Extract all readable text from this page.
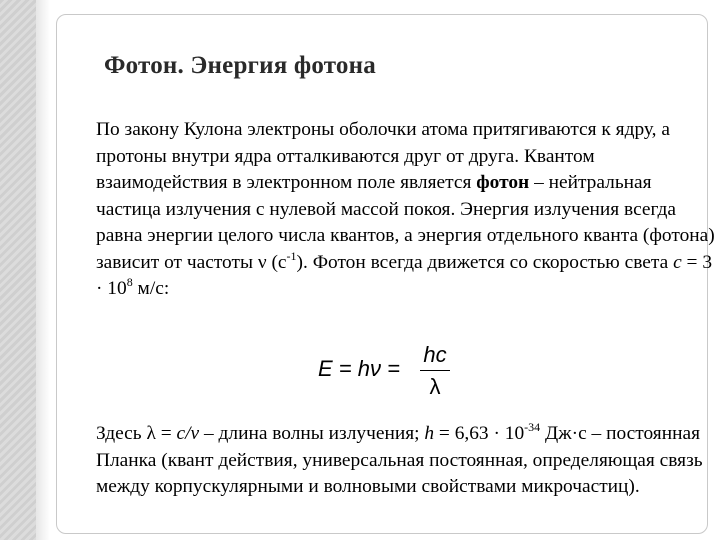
Фотон. Энергия фотона

По закону Кулона электроны оболочки атома притягиваются к ядру, а протоны внутри ядра отталкиваются друг от друга. Квантом взаимодействия в электронном поле является фотон – нейтральная частица излучения с нулевой массой покоя. Энергия излучения всегда равна энергии целого числа квантов, а энергия отдельного кванта (фотона) зависит от частоты ν $(с^{-1})$. Фотон всегда движется со скоростью света $с = 3 \cdot 10^8$ м/с:

E = hν =
hc
λ

Здесь λ = c/ν – длина волны излучения; $h = 6,63 \cdot 10^{-34}$ Дж·с – постоянная Планка (квант действия, универсальная постоянная, определяющая связь между корпускулярными и волновыми свойствами микрочастиц).
